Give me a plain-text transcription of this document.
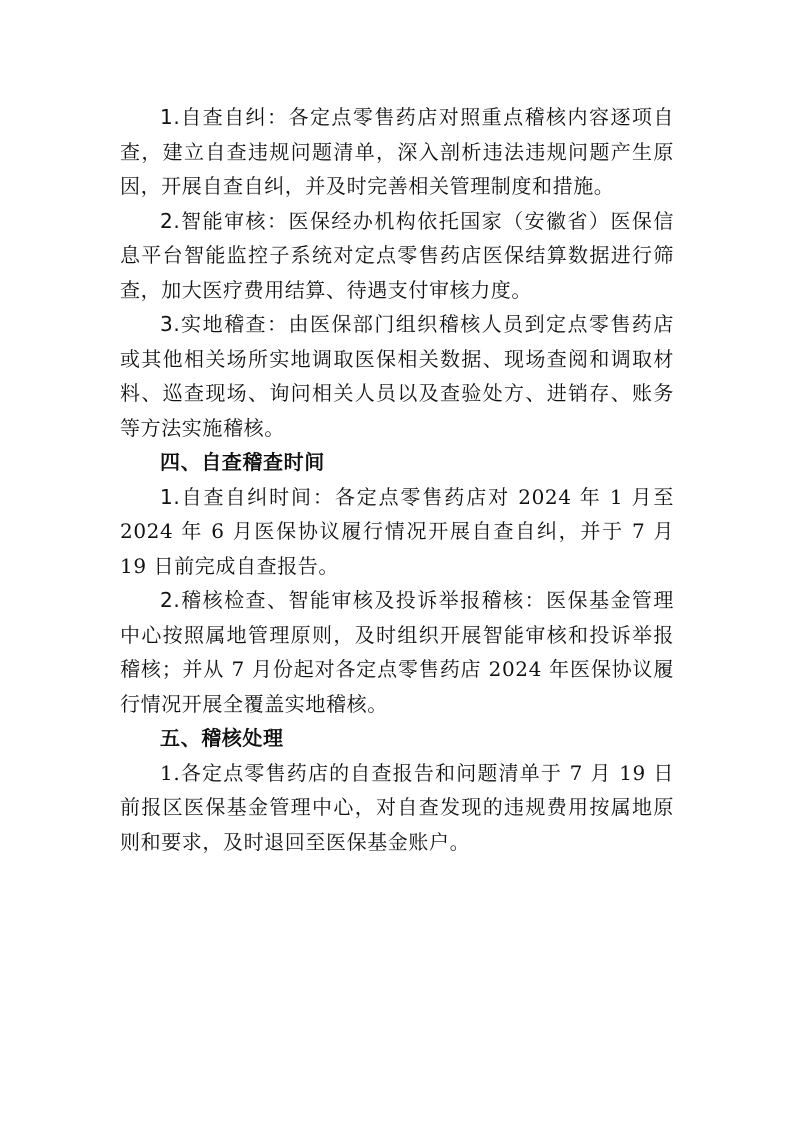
1.自查自纠：各定点零售药店对照重点稽核内容逐项自查，建立自查违规问题清单，深入剖析违法违规问题产生原因，开展自查自纠，并及时完善相关管理制度和措施。

2.智能审核：医保经办机构依托国家（安徽省）医保信息平台智能监控子系统对定点零售药店医保结算数据进行筛查，加大医疗费用结算、待遇支付审核力度。

3.实地稽查：由医保部门组织稽核人员到定点零售药店或其他相关场所实地调取医保相关数据、现场查阅和调取材料、巡查现场、询问相关人员以及查验处方、进销存、账务等方法实施稽核。

四、自查稽查时间

1.自查自纠时间：各定点零售药店对 2024 年 1 月至 2024 年 6 月医保协议履行情况开展自查自纠，并于 7 月 19 日前完成自查报告。

2.稽核检查、智能审核及投诉举报稽核：医保基金管理中心按照属地管理原则，及时组织开展智能审核和投诉举报稽核；并从 7 月份起对各定点零售药店 2024 年医保协议履行情况开展全覆盖实地稽核。

五、稽核处理

1.各定点零售药店的自查报告和问题清单于 7 月 19 日前报区医保基金管理中心，对自查发现的违规费用按属地原则和要求，及时退回至医保基金账户。
